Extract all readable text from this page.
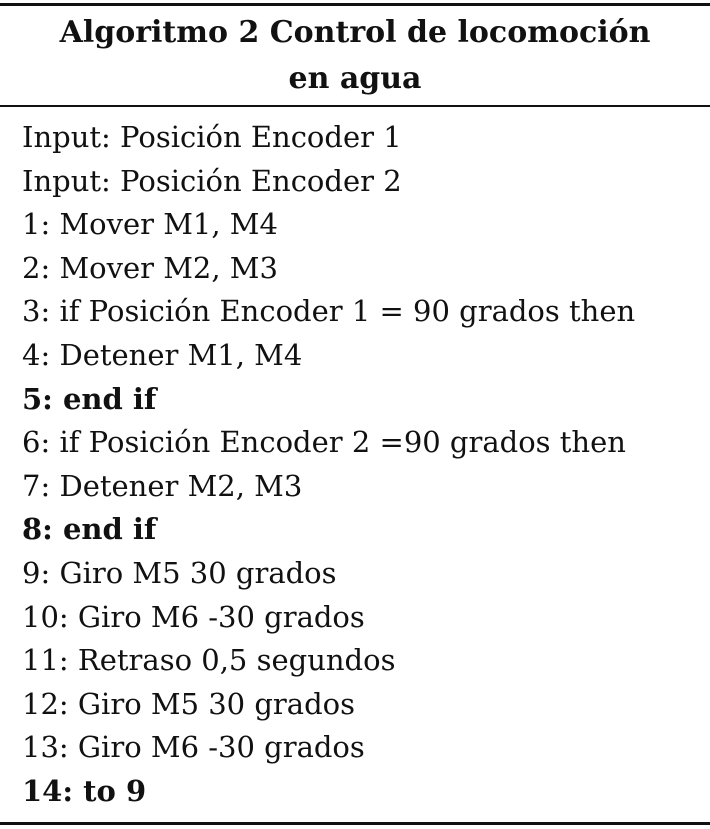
Algoritmo 2 Control de locomoción
en agua
Input: Posición Encoder 1
Input: Posición Encoder 2
1: Mover M1, M4
2: Mover M2, M3
3: if Posición Encoder 1 = 90 grados then
4: Detener M1, M4
5: end if
6: if Posición Encoder 2 =90 grados then
7: Detener M2, M3
8: end if
9: Giro M5 30 grados
10: Giro M6 -30 grados
11: Retraso 0,5 segundos
12: Giro M5 30 grados
13: Giro M6 -30 grados
14: to 9
